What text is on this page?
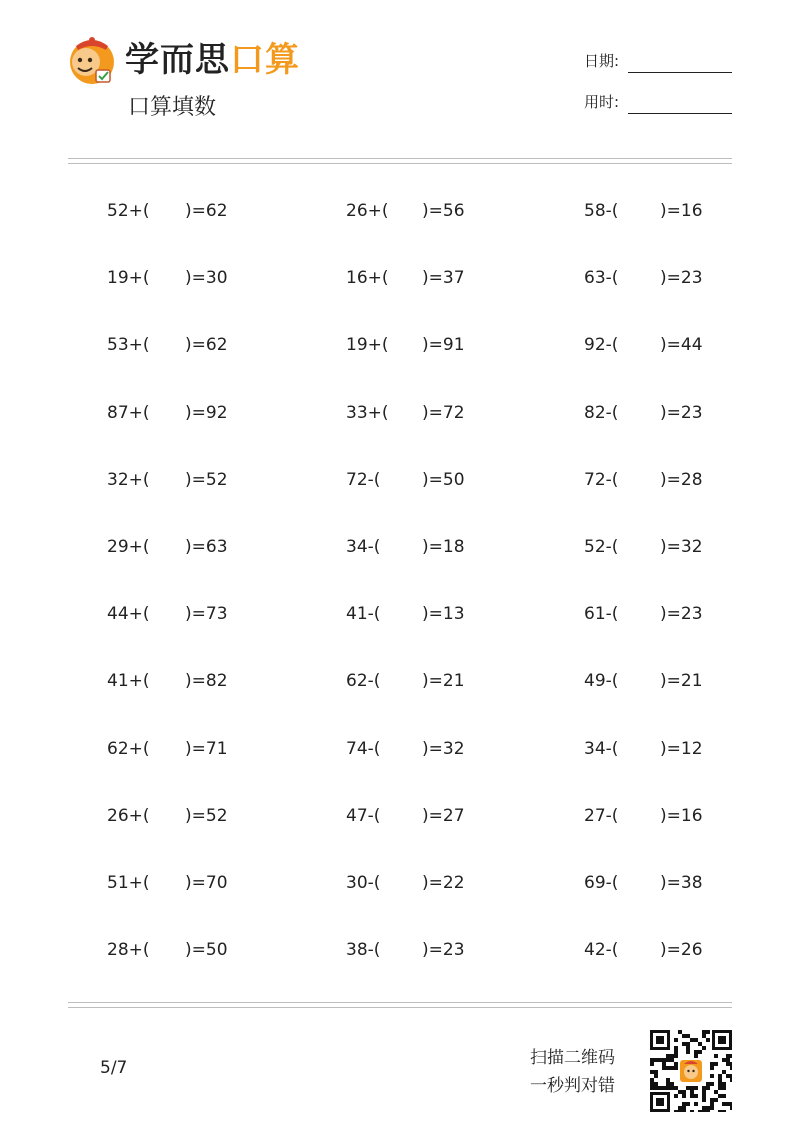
学而思口算
口算填数
日期:
用时:
52+( )=62
19+( )=30
53+( )=62
87+( )=92
32+( )=52
29+( )=63
44+( )=73
41+( )=82
62+( )=71
26+( )=52
51+( )=70
28+( )=50
26+( )=56
16+( )=37
19+( )=91
33+( )=72
72-( )=50
34-( )=18
41-( )=13
62-( )=21
74-( )=32
47-( )=27
30-( )=22
38-( )=23
58-( )=16
63-( )=23
92-( )=44
82-( )=23
72-( )=28
52-( )=32
61-( )=23
49-( )=21
34-( )=12
27-( )=16
69-( )=38
42-( )=26
5/7	扫描二维码
一秒判对错
